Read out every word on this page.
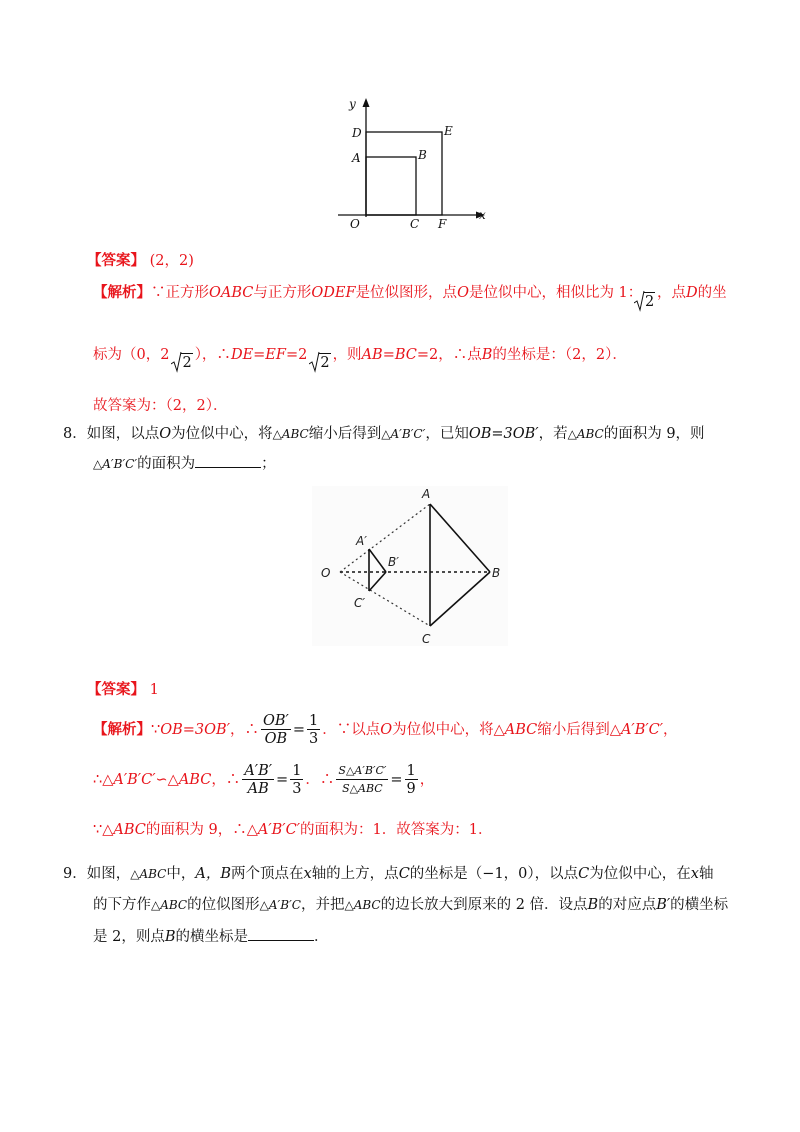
y
x
D	E
A	B
O	C F
【答案】 (2，2)
【解析】∵正方形OABC与正方形ODEF是位似图形，点O是位似中心，相似比为 1：
2
，点D的坐
标为（0，2 2 ），∴DE=EF=2 2 ，则AB=BC=2，∴点B的坐标是：（2，2）．
故答案为：（2，2）．
8．如图，以点O为位似中心，将△ABC缩小后得到△A′B′C′，已知OB=3OB′，若△ABC的面积为 9，则
△A′B′C′的面积为	；
A
A′
B′
O	B
C′
C
【答案】 1
【解析】∵OB=3OB′，∴ $\frac{OB'}{OB} = \frac{1}{3}$ ．∵以点O为位似中心，将△ABC缩小后得到△A′B′C′，
∴△A′B′C′∽△ABC，∴ $\frac{A'B'}{AB} = \frac{1}{3}$ ．∴ $\frac{S\triangle A'B'C'}{\text{S△ABC}} = \frac{1}{9}$ ，
∵△ABC的面积为 9，∴△A′B′C′的面积为：1．故答案为：1．
9．如图，△ABC中，A，B两个顶点在x轴的上方，点C的坐标是（−1，0），以点C为位似中心，在x轴
的下方作△ABC的位似图形△A′B′C，并把△ABC的边长放大到原来的 2 倍．设点B的对应点B′的横坐标
是 2，则点B的横坐标是	．
